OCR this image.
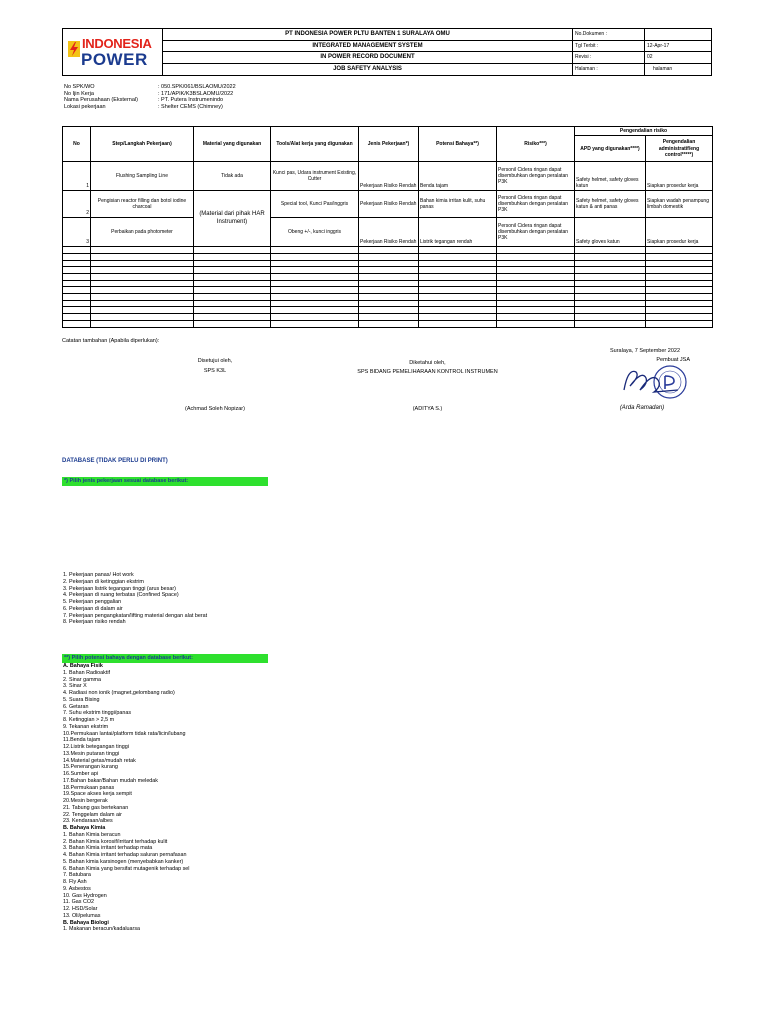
INDONESIA
POWER
PT INDONESIA POWER PLTU BANTEN 1 SURALAYA OMU
INTEGRATED MANAGEMENT SYSTEM
IN POWER RECORD DOCUMENT
JOB SAFETY ANALYSIS
No.Dokumen :
Tgl Terbit :	12-Apr-17
Revisi :	02
Halaman :	halaman
No SPK/WO	: 050.SPK/061/BSLAOMU/2022
No Ijin Kerja	: 171/APIK/K3BSLAOMU/2022
Nama Perusahaan (Eksternal)	: PT. Putera Instrumenindo
Lokasi pekerjaan	: Shelter CEMS (Chimney)
No	Step/Langkah Pekerjaan)	Material yang digunakan	Tools/Alat kerja yang digunakan	Jenis Pekerjaan*)	Potensi Bahaya**)	Risiko***)	Pengendalian risiko	
							APD yang digunakan****)	Pengendalian administratif/eng control*****)
1	Flushing Sampling Line	Tidak ada	Kunci pas, Udara instrument Existing, Cutter	Pekerjaan Risiko Rendah	Benda tajam	Personil Cidera ringan dapat disembuhkan dengan peralatan P3K	Safety helmet, safety gloves katun	Siapkan prosedur kerja
2	Pengisian reactor filling dan botol iodine charcoal	(Material dari pihak HAR Instrument)	Special tool, Kunci Pas/inggris	Pekerjaan Risiko Rendah	Bahan kimia irritan kulit, suhu panas	Personil Cidera ringan dapat disembuhkan dengan peralatan P3K	Safety helmet, safety gloves katun & anti panas	Siapkan wadah penampung limbah domestik
3	Perbaikan pada photometer		Obeng +/-, kunci inggris	Pekerjaan Risiko Rendah	Listrik tegangan rendah	Personil Cidera ringan dapat disembuhkan dengan peralatan P3K	Safety gloves katun	Siapkan prosedur kerja

Catatan tambahan (Apabila diperlukan):
Suralaya, 7 September 2022
Disetujui oleh,
SPS K3L
(Achmad Soleh Nopizar)
Diketahui oleh,
SPS BIDANG PEMELIHARAAN KONTROL INSTRUMEN
(ADITYA S.)
Pembuat JSA
(Arda Ramadan)
DATABASE (TIDAK PERLU DI PRINT)
*) Pilih jenis pekerjaan sesuai database berikut:
1. Pekerjaan panas/ Hot work
2. Pekerjaan di ketinggian ekstrim
3. Pekerjaan listrik tegangan tinggi (arus besar)
4. Pekerjaan di ruang terbatas (Confined Space)
5. Pekerjaan penggalian
6. Pekerjaan di dalam air
7. Pekerjaan pengangkatan/lifting material dengan alat berat
8. Pekerjaan risiko rendah
**) Pilih potensi bahaya dengan database berikut:
A. Bahaya Fisik
1. Bahan Radioaktif
2. Sinar gamma
3. Sinar X
4. Radiasi non ionik (magnet,gelombang radio)
5. Suara Bising
6. Getaran
7. Suhu ekstrim tinggi/panas
8. Ketinggian > 2,5 m
9. Tekanan ekstrim
10.Permukaan lantai/platform tidak rata/licin/lubang
11.Benda tajam
12.Listrik betegangan tinggi
13.Mesin putaran tinggi
14.Material getas/mudah retak
15.Penerangan kurang
16.Sumber api
17.Bahan bakar/Bahan mudah meledak
18.Permukaan panas
19.Space akses kerja sempit
20.Mesin bergerak
21. Tabung gas bertekanan
22. Tenggelam dalam air
23. Kendaraan/albes
B. Bahaya Kimia
1. Bahan Kimia beracun
2. Bahan Kimia korosif/irritant terhadap kulit
3. Bahan Kimia irritant terhadap mata
4. Bahan Kimia irritant terhadap saluran pernafasan
5. Bahan kimia karsinogen (menyebabkan kanker)
6. Bahan Kimia yang bersifat mutagenik terhadap sel
7. Batubara
8. Fly Ash
9. Asbestos
10. Gas Hydrogen
11. Gas CO2
12. HSD/Solar
13. Oli/pelumas
B. Bahaya Biologi
1. Makanan beracun/kadaluarsa
